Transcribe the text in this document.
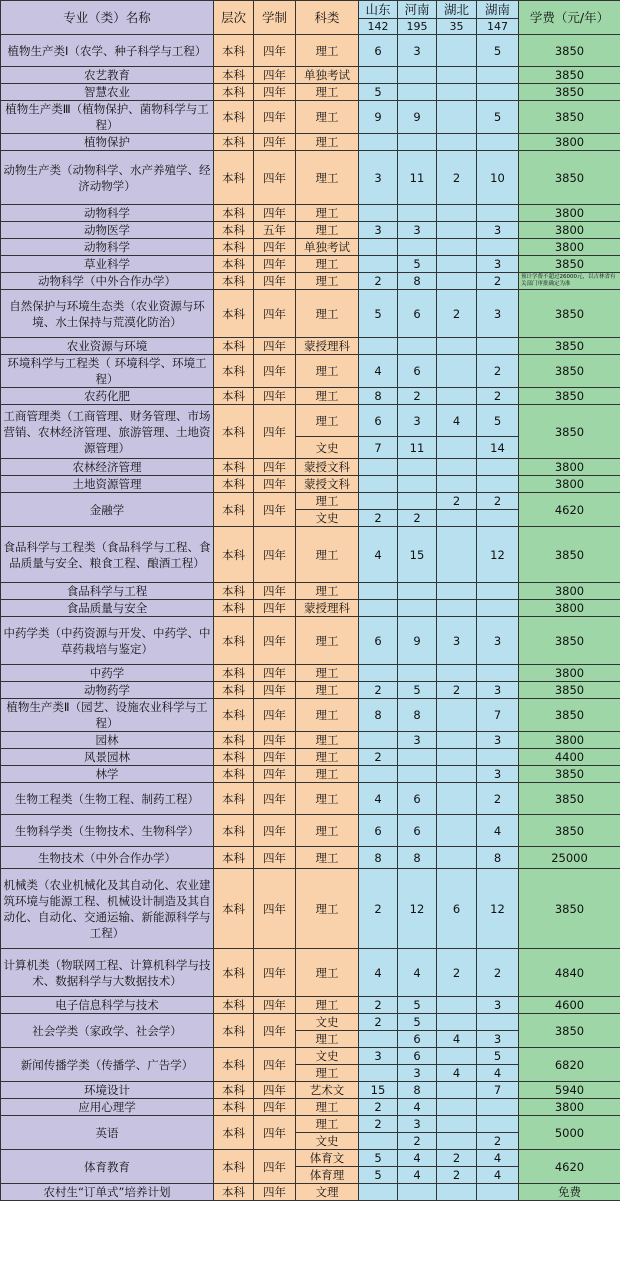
专业（类）名称	层次	学制	科类	山东	河南	湖北	湖南	学费（元/年）
				142	195	35	147	
植物生产类Ⅰ（农学、种子科学与工程）	本科	四年	理工	6	3		5	3850
农艺教育	本科	四年	单独考试					3850
智慧农业	本科	四年	理工	5				3850
植物生产类Ⅲ（植物保护、菌物科学与工程）	本科	四年	理工	9	9		5	3850
植物保护	本科	四年	理工					3800
动物生产类（动物科学、水产养殖学、经济动物学）	本科	四年	理工	3	11	2	10	3850
动物科学	本科	四年	理工					3800
动物医学	本科	五年	理工	3	3		3	3800
动物科学	本科	四年	单独考试					3800
草业科学	本科	四年	理工		5		3	3850
动物科学（中外合作办学）	本科	四年	理工	2	8		2	预计学费不超过26000元，以吉林省有关部门审批确定为准
自然保护与环境生态类（农业资源与环境、水土保持与荒漠化防治）	本科	四年	理工	5	6	2	3	3850
农业资源与环境	本科	四年	蒙授理科					3850
环境科学与工程类（ 环境科学、环境工程）	本科	四年	理工	4	6		2	3850
农药化肥	本科	四年	理工	8	2		2	3850
工商管理类（工商管理、财务管理、市场营销、农林经济管理、旅游管理、土地资源管理）	本科	四年	理工	6	3	4	5	3850
			文史	7	11		14	
农林经济管理	本科	四年	蒙授文科					3800
土地资源管理	本科	四年	蒙授文科					3800
金融学	本科	四年	理工			2	2	4620
			文史	2	2			
食品科学与工程类（食品科学与工程、食品质量与安全、粮食工程、酿酒工程）	本科	四年	理工	4	15		12	3850
食品科学与工程	本科	四年	理工					3800
食品质量与安全	本科	四年	蒙授理科					3800
中药学类（中药资源与开发、中药学、中草药栽培与鉴定）	本科	四年	理工	6	9	3	3	3850
中药学	本科	四年	理工					3800
动物药学	本科	四年	理工	2	5	2	3	3850
植物生产类Ⅱ（园艺、设施农业科学与工程）	本科	四年	理工	8	8		7	3850
园林	本科	四年	理工		3		3	3800
风景园林	本科	四年	理工	2				4400
林学	本科	四年	理工				3	3850
生物工程类（生物工程、制药工程）	本科	四年	理工	4	6		2	3850
生物科学类（生物技术、生物科学）	本科	四年	理工	6	6		4	3850
生物技术（中外合作办学）	本科	四年	理工	8	8		8	25000
机械类（农业机械化及其自动化、农业建筑环境与能源工程、机械设计制造及其自动化、自动化、交通运输、新能源科学与工程）	本科	四年	理工	2	12	6	12	3850
计算机类（物联网工程、计算机科学与技术、数据科学与大数据技术）	本科	四年	理工	4	4	2	2	4840
电子信息科学与技术	本科	四年	理工	2	5		3	4600
社会学类（家政学、社会学）	本科	四年	文史	2	5			3850
			理工		6	4	3	
新闻传播学类（传播学、广告学）	本科	四年	文史	3	6		5	6820
			理工		3	4	4	
环境设计	本科	四年	艺术文	15	8		7	5940
应用心理学	本科	四年	理工	2	4			3800
英语	本科	四年	理工	2	3			5000
			文史		2		2	
体育教育	本科	四年	体育文	5	4	2	4	4620
			体育理	5	4	2	4	
农村生“订单式”培养计划	本科	四年	文理					免费
